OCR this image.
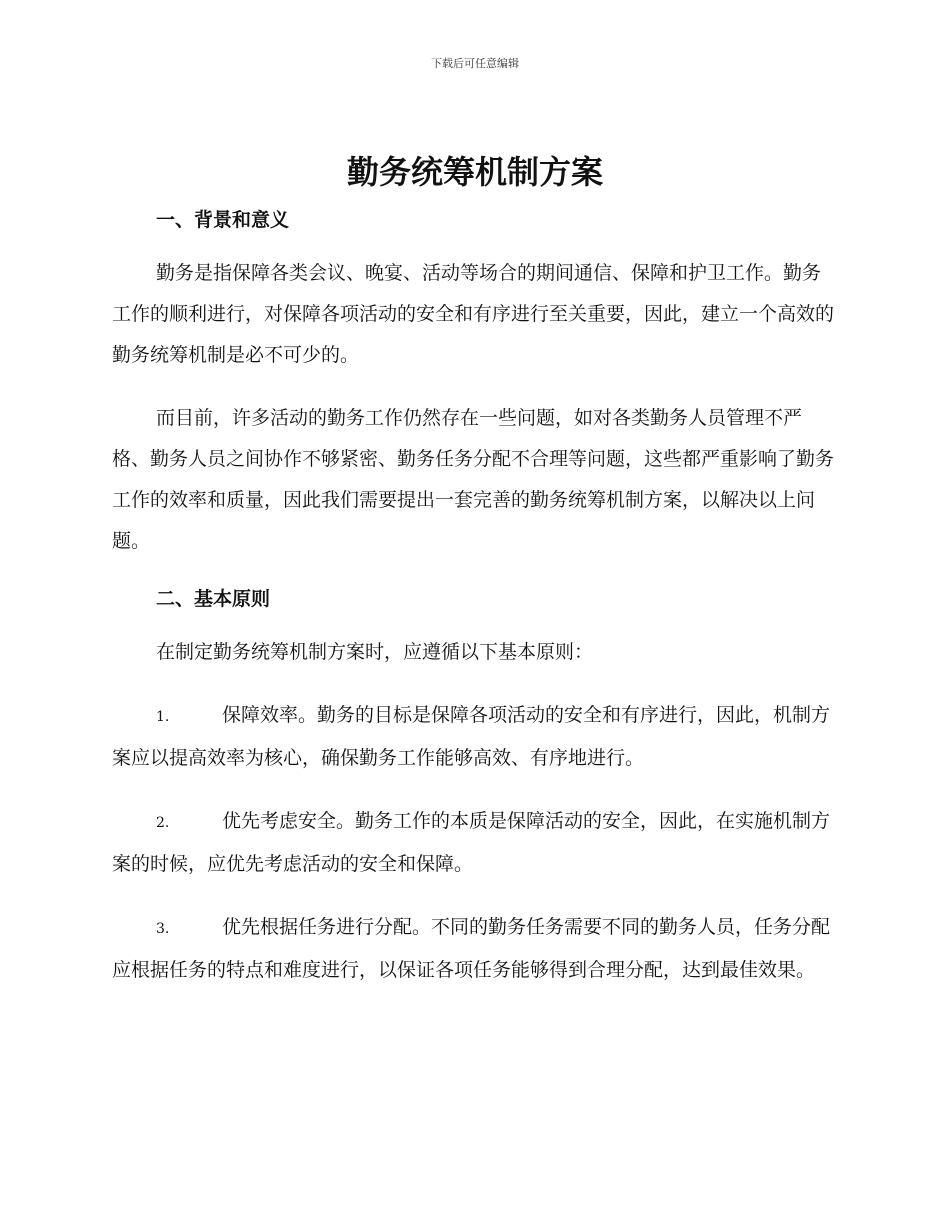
下载后可任意编辑
勤务统筹机制方案
一、背景和意义

勤务是指保障各类会议、晚宴、活动等场合的期间通信、保障和护卫工作。勤务工作的顺利进行，对保障各项活动的安全和有序进行至关重要，因此，建立一个高效的勤务统筹机制是必不可少的。

而目前，许多活动的勤务工作仍然存在一些问题，如对各类勤务人员管理不严格、勤务人员之间协作不够紧密、勤务任务分配不合理等问题，这些都严重影响了勤务工作的效率和质量，因此我们需要提出一套完善的勤务统筹机制方案，以解决以上问题。

二、基本原则

在制定勤务统筹机制方案时，应遵循以下基本原则：

1.	保障效率。勤务的目标是保障各项活动的安全和有序进行，因此，机制方案应以提高效率为核心，确保勤务工作能够高效、有序地进行。

2.	优先考虑安全。勤务工作的本质是保障活动的安全，因此，在实施机制方案的时候，应优先考虑活动的安全和保障。

3.	优先根据任务进行分配。不同的勤务任务需要不同的勤务人员，任务分配应根据任务的特点和难度进行，以保证各项任务能够得到合理分配，达到最佳效果。
